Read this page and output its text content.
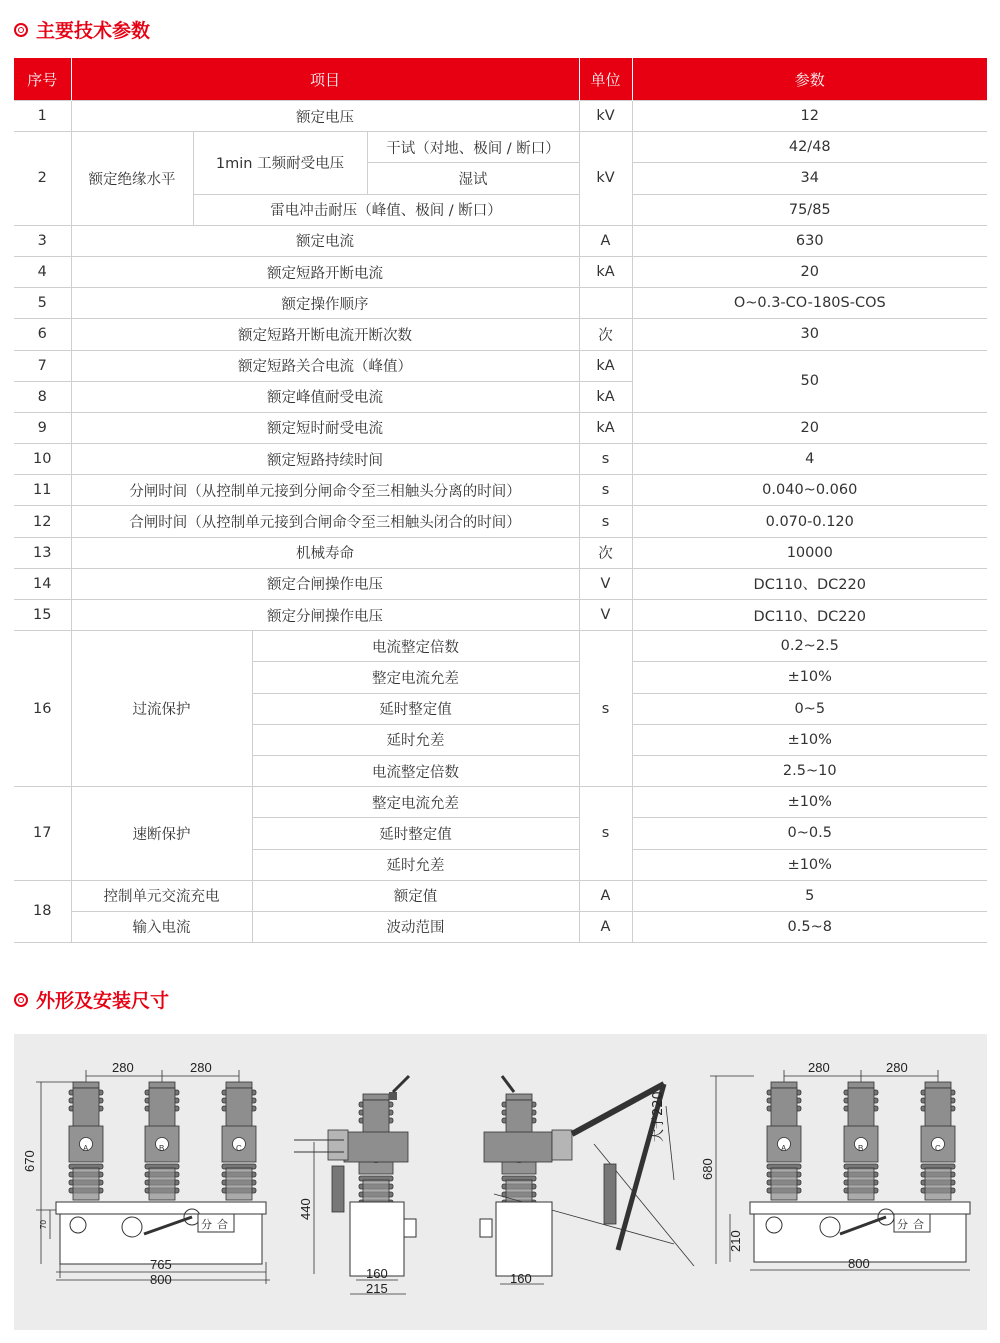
主要技术参数
序号	项目				单位	参数
1	额定电压				kV	12
2	额定绝缘水平	1min 工频耐受电压		干试（对地、极间 / 断口）	kV	42/48
				湿试		34
		雷电冲击耐压（峰值、极间 / 断口）				75/85
3	额定电流				A	630
4	额定短路开断电流				kA	20
5	额定操作顺序					O~0.3-CO-180S-COS
6	额定短路开断电流开断次数				次	30
7	额定短路关合电流（峰值）				kA	50
8	额定峰值耐受电流				kA	
9	额定短时耐受电流				kA	20
10	额定短路持续时间				s	4
11	分闸时间（从控制单元接到分闸命令至三相触头分离的时间）				s	0.040~0.060
12	合闸时间（从控制单元接到合闸命令至三相触头闭合的时间）				s	0.070-0.120
13	机械寿命				次	10000
14	额定合闸操作电压				V	DC110、DC220
15	额定分闸操作电压				V	DC110、DC220
16	过流保护		电流整定倍数		s	0.2~2.5
			整定电流允差			±10%
			延时整定值			0~5
			延时允差			±10%
			电流整定倍数			2.5~10
17	速断保护		整定电流允差		s	±10%
			延时整定值			0~0.5
			延时允差			±10%
18	控制单元交流充电		额定值		A	5
	输入电流		波动范围		A	0.5~8
外形及安装尺寸
670
70
280	280
A	B	C
分 合
765
800
440
160
215
大于220
160
680
210
280	280
A	B	C
分 合
800
